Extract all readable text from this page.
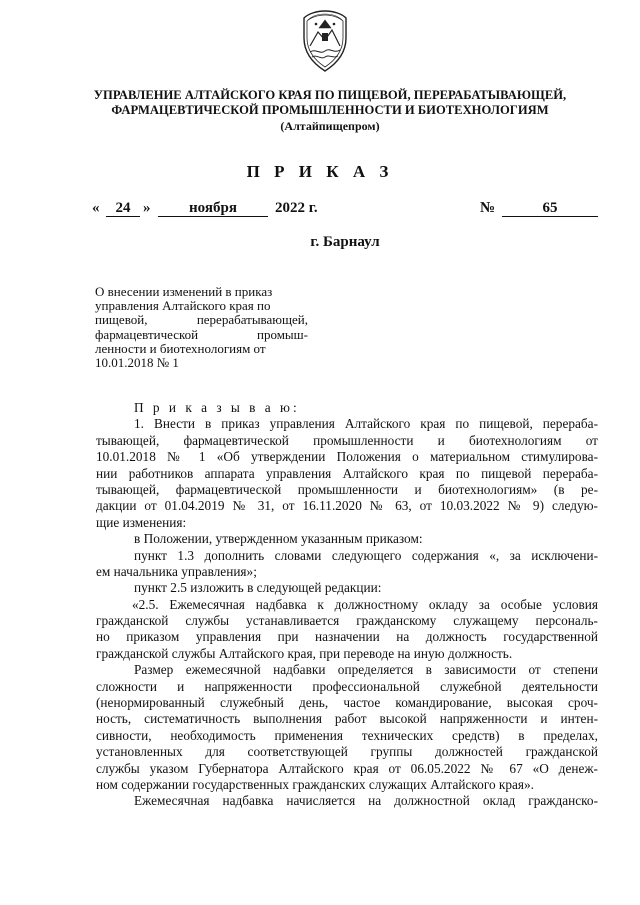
УПРАВЛЕНИЕ АЛТАЙСКОГО КРАЯ ПО ПИЩЕВОЙ, ПЕРЕРАБАТЫВАЮЩЕЙ,
ФАРМАЦЕВТИЧЕСКОЙ ПРОМЫШЛЕННОСТИ И БИОТЕХНОЛОГИЯМ
(Алтайпищепром)
П Р И К А З
«	24 »	ноября	2022 г.	№	65
г. Барнаул
О внесении изменений в приказ
управления Алтайского края по
пищевой, перерабатывающей,
фармацевтической промыш-
ленности и биотехнологиям от
10.01.2018 № 1
П р и к а з ы в а ю:
1. Внести в приказ управления Алтайского края по пищевой, перераба-
тывающей, фармацевтической промышленности и биотехнологиям от
10.01.2018 № 1 «Об утверждении Положения о материальном стимулирова-
нии работников аппарата управления Алтайского края по пищевой перераба-
тывающей, фармацевтической промышленности и биотехнологиям» (в ре-
дакции от 01.04.2019 № 31, от 16.11.2020 № 63, от 10.03.2022 № 9) следую-
щие изменения:
в Положении, утвержденном указанным приказом:
пункт 1.3 дополнить словами следующего содержания «, за исключени-
ем начальника управления»;
пункт 2.5 изложить в следующей редакции:
«2.5. Ежемесячная надбавка к должностному окладу за особые условия
гражданской службы устанавливается гражданскому служащему персональ-
но приказом управления при назначении на должность государственной
гражданской службы Алтайского края, при переводе на иную должность.
Размер ежемесячной надбавки определяется в зависимости от степени
сложности и напряженности профессиональной служебной деятельности
(ненормированный служебный день, частое командирование, высокая сроч-
ность, систематичность выполнения работ высокой напряженности и интен-
сивности, необходимость применения технических средств) в пределах,
установленных для соответствующей группы должностей гражданской
службы указом Губернатора Алтайского края от 06.05.2022 № 67 «О денеж-
ном содержании государственных гражданских служащих Алтайского края».
Ежемесячная надбавка начисляется на должностной оклад гражданско-
